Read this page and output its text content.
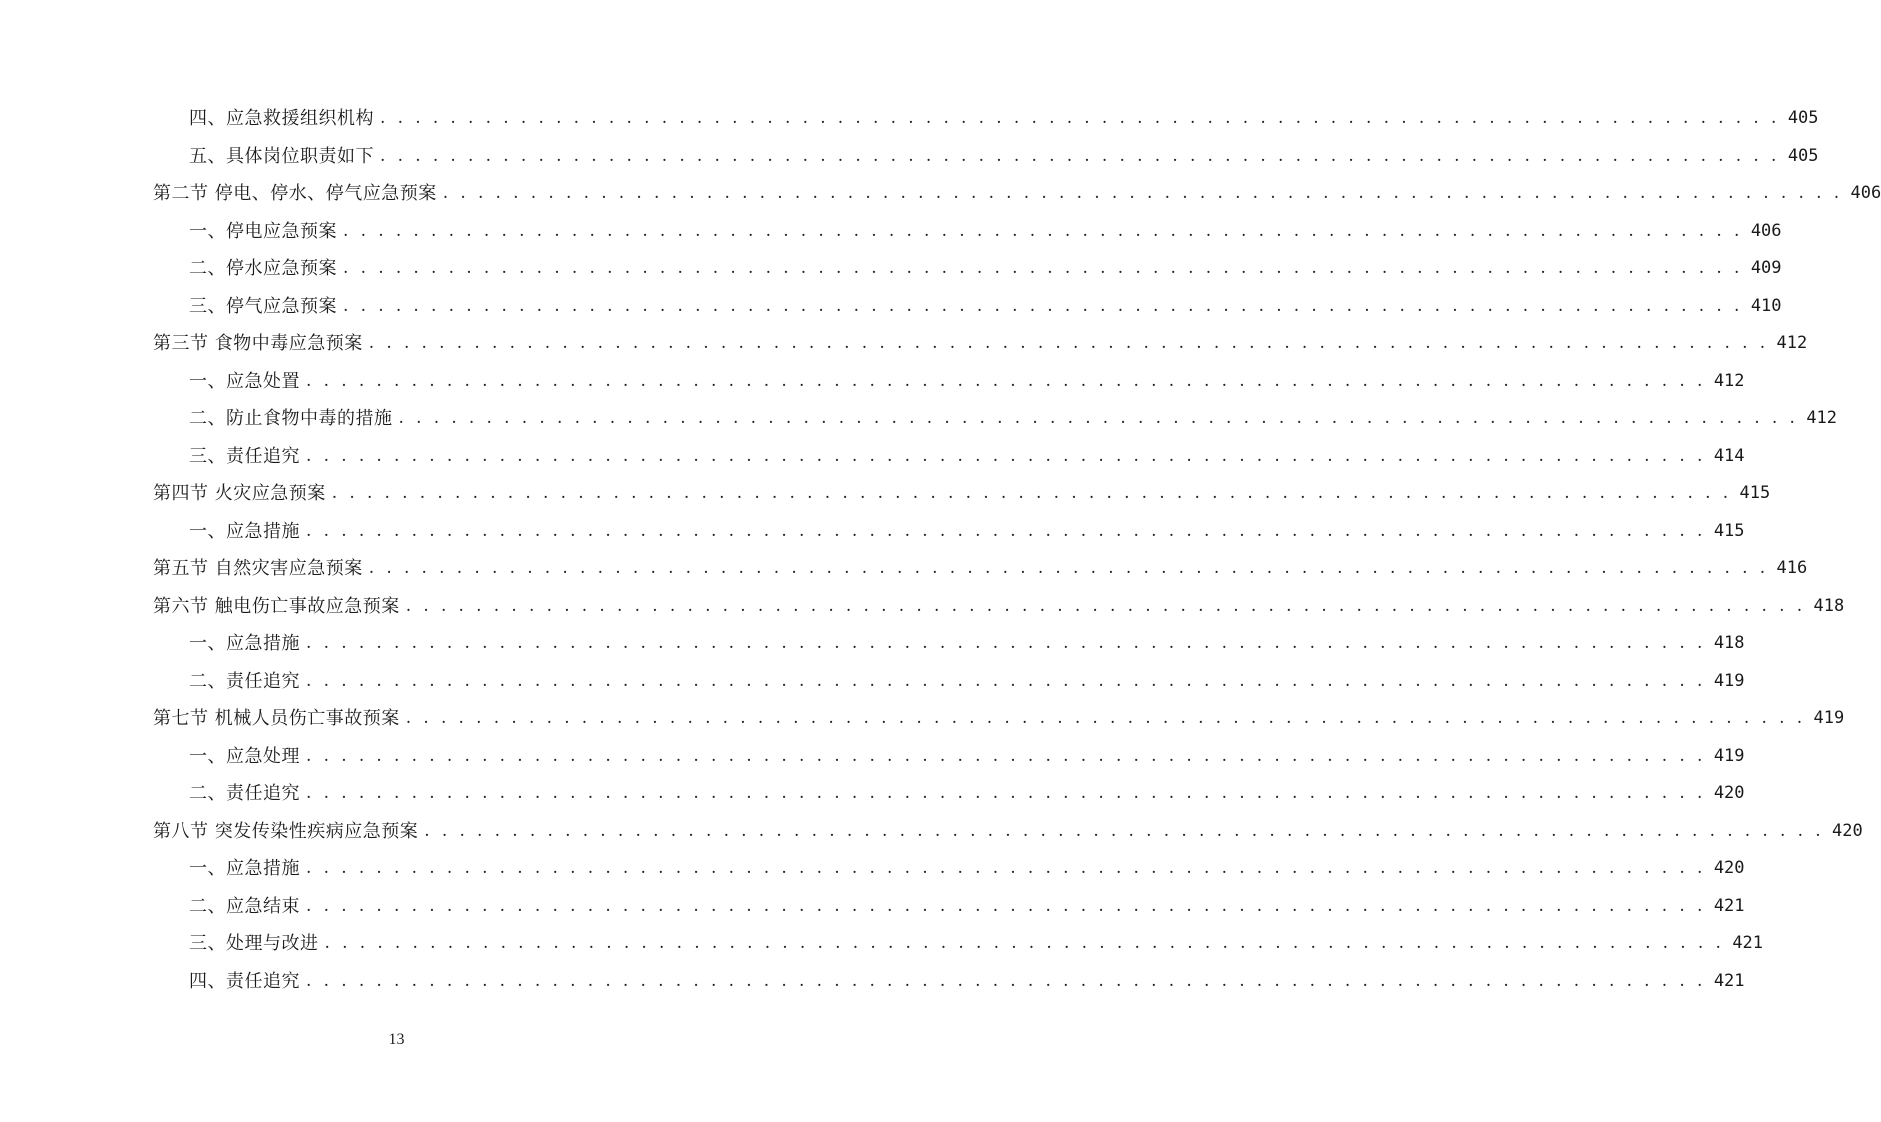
四、应急救援组织机构 . . . . . . . . . . . . . . . . . . . . . . . . . . . . . . . . . . . . . . . . . . . . . . . . . . . . . . . . . . . . . . . . . . . . . . . . . . . . . . . . 405
五、具体岗位职责如下 . . . . . . . . . . . . . . . . . . . . . . . . . . . . . . . . . . . . . . . . . . . . . . . . . . . . . . . . . . . . . . . . . . . . . . . . . . . . . . . . 405
第二节 停电、停水、停气应急预案 . . . . . . . . . . . . . . . . . . . . . . . . . . . . . . . . . . . . . . . . . . . . . . . . . . . . . . . . . . . . . . . . . . . . . . . . . . . . . . . . 406
一、停电应急预案 . . . . . . . . . . . . . . . . . . . . . . . . . . . . . . . . . . . . . . . . . . . . . . . . . . . . . . . . . . . . . . . . . . . . . . . . . . . . . . . . 406
二、停水应急预案 . . . . . . . . . . . . . . . . . . . . . . . . . . . . . . . . . . . . . . . . . . . . . . . . . . . . . . . . . . . . . . . . . . . . . . . . . . . . . . . . 409
三、停气应急预案 . . . . . . . . . . . . . . . . . . . . . . . . . . . . . . . . . . . . . . . . . . . . . . . . . . . . . . . . . . . . . . . . . . . . . . . . . . . . . . . . 410
第三节 食物中毒应急预案 . . . . . . . . . . . . . . . . . . . . . . . . . . . . . . . . . . . . . . . . . . . . . . . . . . . . . . . . . . . . . . . . . . . . . . . . . . . . . . . . 412
一、应急处置 . . . . . . . . . . . . . . . . . . . . . . . . . . . . . . . . . . . . . . . . . . . . . . . . . . . . . . . . . . . . . . . . . . . . . . . . . . . . . . . . 412
二、防止食物中毒的措施 . . . . . . . . . . . . . . . . . . . . . . . . . . . . . . . . . . . . . . . . . . . . . . . . . . . . . . . . . . . . . . . . . . . . . . . . . . . . . . . . 412
三、责任追究 . . . . . . . . . . . . . . . . . . . . . . . . . . . . . . . . . . . . . . . . . . . . . . . . . . . . . . . . . . . . . . . . . . . . . . . . . . . . . . . . 414
第四节 火灾应急预案 . . . . . . . . . . . . . . . . . . . . . . . . . . . . . . . . . . . . . . . . . . . . . . . . . . . . . . . . . . . . . . . . . . . . . . . . . . . . . . . . 415
一、应急措施 . . . . . . . . . . . . . . . . . . . . . . . . . . . . . . . . . . . . . . . . . . . . . . . . . . . . . . . . . . . . . . . . . . . . . . . . . . . . . . . . 415
第五节 自然灾害应急预案 . . . . . . . . . . . . . . . . . . . . . . . . . . . . . . . . . . . . . . . . . . . . . . . . . . . . . . . . . . . . . . . . . . . . . . . . . . . . . . . . 416
第六节 触电伤亡事故应急预案 . . . . . . . . . . . . . . . . . . . . . . . . . . . . . . . . . . . . . . . . . . . . . . . . . . . . . . . . . . . . . . . . . . . . . . . . . . . . . . . . 418
一、应急措施 . . . . . . . . . . . . . . . . . . . . . . . . . . . . . . . . . . . . . . . . . . . . . . . . . . . . . . . . . . . . . . . . . . . . . . . . . . . . . . . . 418
二、责任追究 . . . . . . . . . . . . . . . . . . . . . . . . . . . . . . . . . . . . . . . . . . . . . . . . . . . . . . . . . . . . . . . . . . . . . . . . . . . . . . . . 419
第七节 机械人员伤亡事故预案 . . . . . . . . . . . . . . . . . . . . . . . . . . . . . . . . . . . . . . . . . . . . . . . . . . . . . . . . . . . . . . . . . . . . . . . . . . . . . . . . 419
一、应急处理 . . . . . . . . . . . . . . . . . . . . . . . . . . . . . . . . . . . . . . . . . . . . . . . . . . . . . . . . . . . . . . . . . . . . . . . . . . . . . . . . 419
二、责任追究 . . . . . . . . . . . . . . . . . . . . . . . . . . . . . . . . . . . . . . . . . . . . . . . . . . . . . . . . . . . . . . . . . . . . . . . . . . . . . . . . 420
第八节 突发传染性疾病应急预案 . . . . . . . . . . . . . . . . . . . . . . . . . . . . . . . . . . . . . . . . . . . . . . . . . . . . . . . . . . . . . . . . . . . . . . . . . . . . . . . . 420
一、应急措施 . . . . . . . . . . . . . . . . . . . . . . . . . . . . . . . . . . . . . . . . . . . . . . . . . . . . . . . . . . . . . . . . . . . . . . . . . . . . . . . . 420
二、应急结束 . . . . . . . . . . . . . . . . . . . . . . . . . . . . . . . . . . . . . . . . . . . . . . . . . . . . . . . . . . . . . . . . . . . . . . . . . . . . . . . . 421
三、处理与改进 . . . . . . . . . . . . . . . . . . . . . . . . . . . . . . . . . . . . . . . . . . . . . . . . . . . . . . . . . . . . . . . . . . . . . . . . . . . . . . . . 421
四、责任追究 . . . . . . . . . . . . . . . . . . . . . . . . . . . . . . . . . . . . . . . . . . . . . . . . . . . . . . . . . . . . . . . . . . . . . . . . . . . . . . . . 421
13
